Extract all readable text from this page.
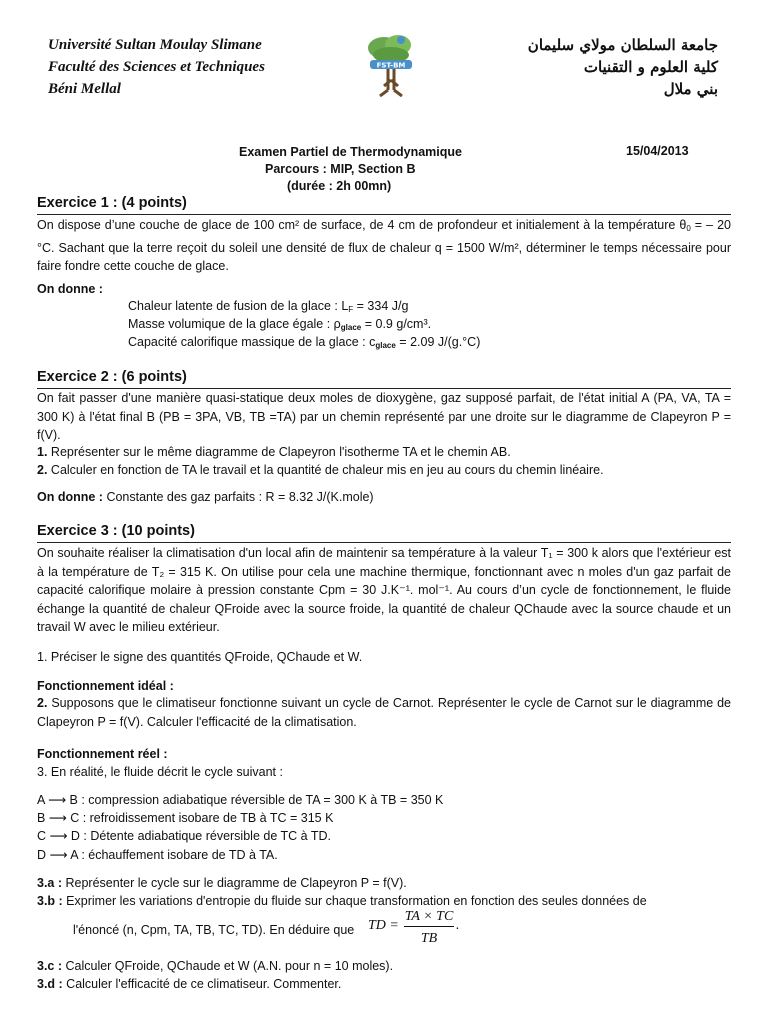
Université Sultan Moulay Slimane
Faculté des Sciences et Techniques
Béni Mellal
FST-BM
جامعة السلطان مولاي سليمان
كلية العلوم و التقنيات
بني ملال
Examen Partiel de Thermodynamique
Parcours : MIP, Section B
(durée : 2h 00mn)
15/04/2013
Exercice 1 : (4 points)
On dispose d’une couche de glace de 100 cm² de surface, de 4 cm de profondeur et initialement à la température $\theta_0$ = – 20 °C. Sachant que la terre reçoit du soleil une densité de flux de chaleur q = 1500 W/m², déterminer le temps nécessaire pour faire fondre cette couche de glace.
On donne :
Chaleur latente de fusion de la glace : $L_F = 334$ J/g
Masse volumique de la glace égale : $\rho_{glace} = 0.9$ g/cm³.
Capacité calorifique massique de la glace : $c_{glace} = 2.09$ J/(g.°C)
Exercice 2 : (6 points)
On fait passer d'une manière quasi-statique deux moles de dioxygène, gaz supposé parfait, de l'état initial A (PA, VA, TA = 300 K) à l'état final B (PB = 3PA, VB, TB =TA) par un chemin représenté par une droite sur le diagramme de Clapeyron P = f(V).
1. Représenter sur le même diagramme de Clapeyron l'isotherme TA et le chemin AB.
2. Calculer en fonction de TA le travail et la quantité de chaleur mis en jeu au cours du chemin linéaire.
On donne : Constante des gaz parfaits : R = 8.32 J/(K.mole)
Exercice 3 : (10 points)
On souhaite réaliser la climatisation d'un local afin de maintenir sa température à la valeur T₁ = 300 k alors que l'extérieur est à la température de T₂ = 315 K. On utilise pour cela une machine thermique, fonctionnant avec n moles d'un gaz parfait de capacité calorifique molaire à pression constante Cpm = 30 J.K⁻¹. mol⁻¹. Au cours d’un cycle de fonctionnement, le fluide échange la quantité de chaleur QFroide avec la source froide, la quantité de chaleur QChaude avec la source chaude et un travail W avec le milieu extérieur.
1. Préciser le signe des quantités QFroide, QChaude et W.
Fonctionnement idéal :
2. Supposons que le climatiseur fonctionne suivant un cycle de Carnot. Représenter le cycle de Carnot sur le diagramme de Clapeyron P = f(V). Calculer l'efficacité de la climatisation.
Fonctionnement réel :
3. En réalité, le fluide décrit le cycle suivant :
A ⟶ B : compression adiabatique réversible de TA = 300 K à TB = 350 K
B ⟶ C : refroidissement isobare de TB à TC = 315 K
C ⟶ D : Détente adiabatique réversible de TC à TD.
D ⟶ A : échauffement isobare de TD à TA.
3.a : Représenter le cycle sur le diagramme de Clapeyron P = f(V).
3.b : Exprimer les variations d'entropie du fluide sur chaque transformation en fonction des seules données de
l'énoncé (n, Cpm, TA, TB, TC, TD). En déduire que TD =
TA × TC
TB
.
3.c : Calculer QFroide, QChaude et W (A.N. pour n = 10 moles).
3.d : Calculer l'efficacité de ce climatiseur. Commenter.
